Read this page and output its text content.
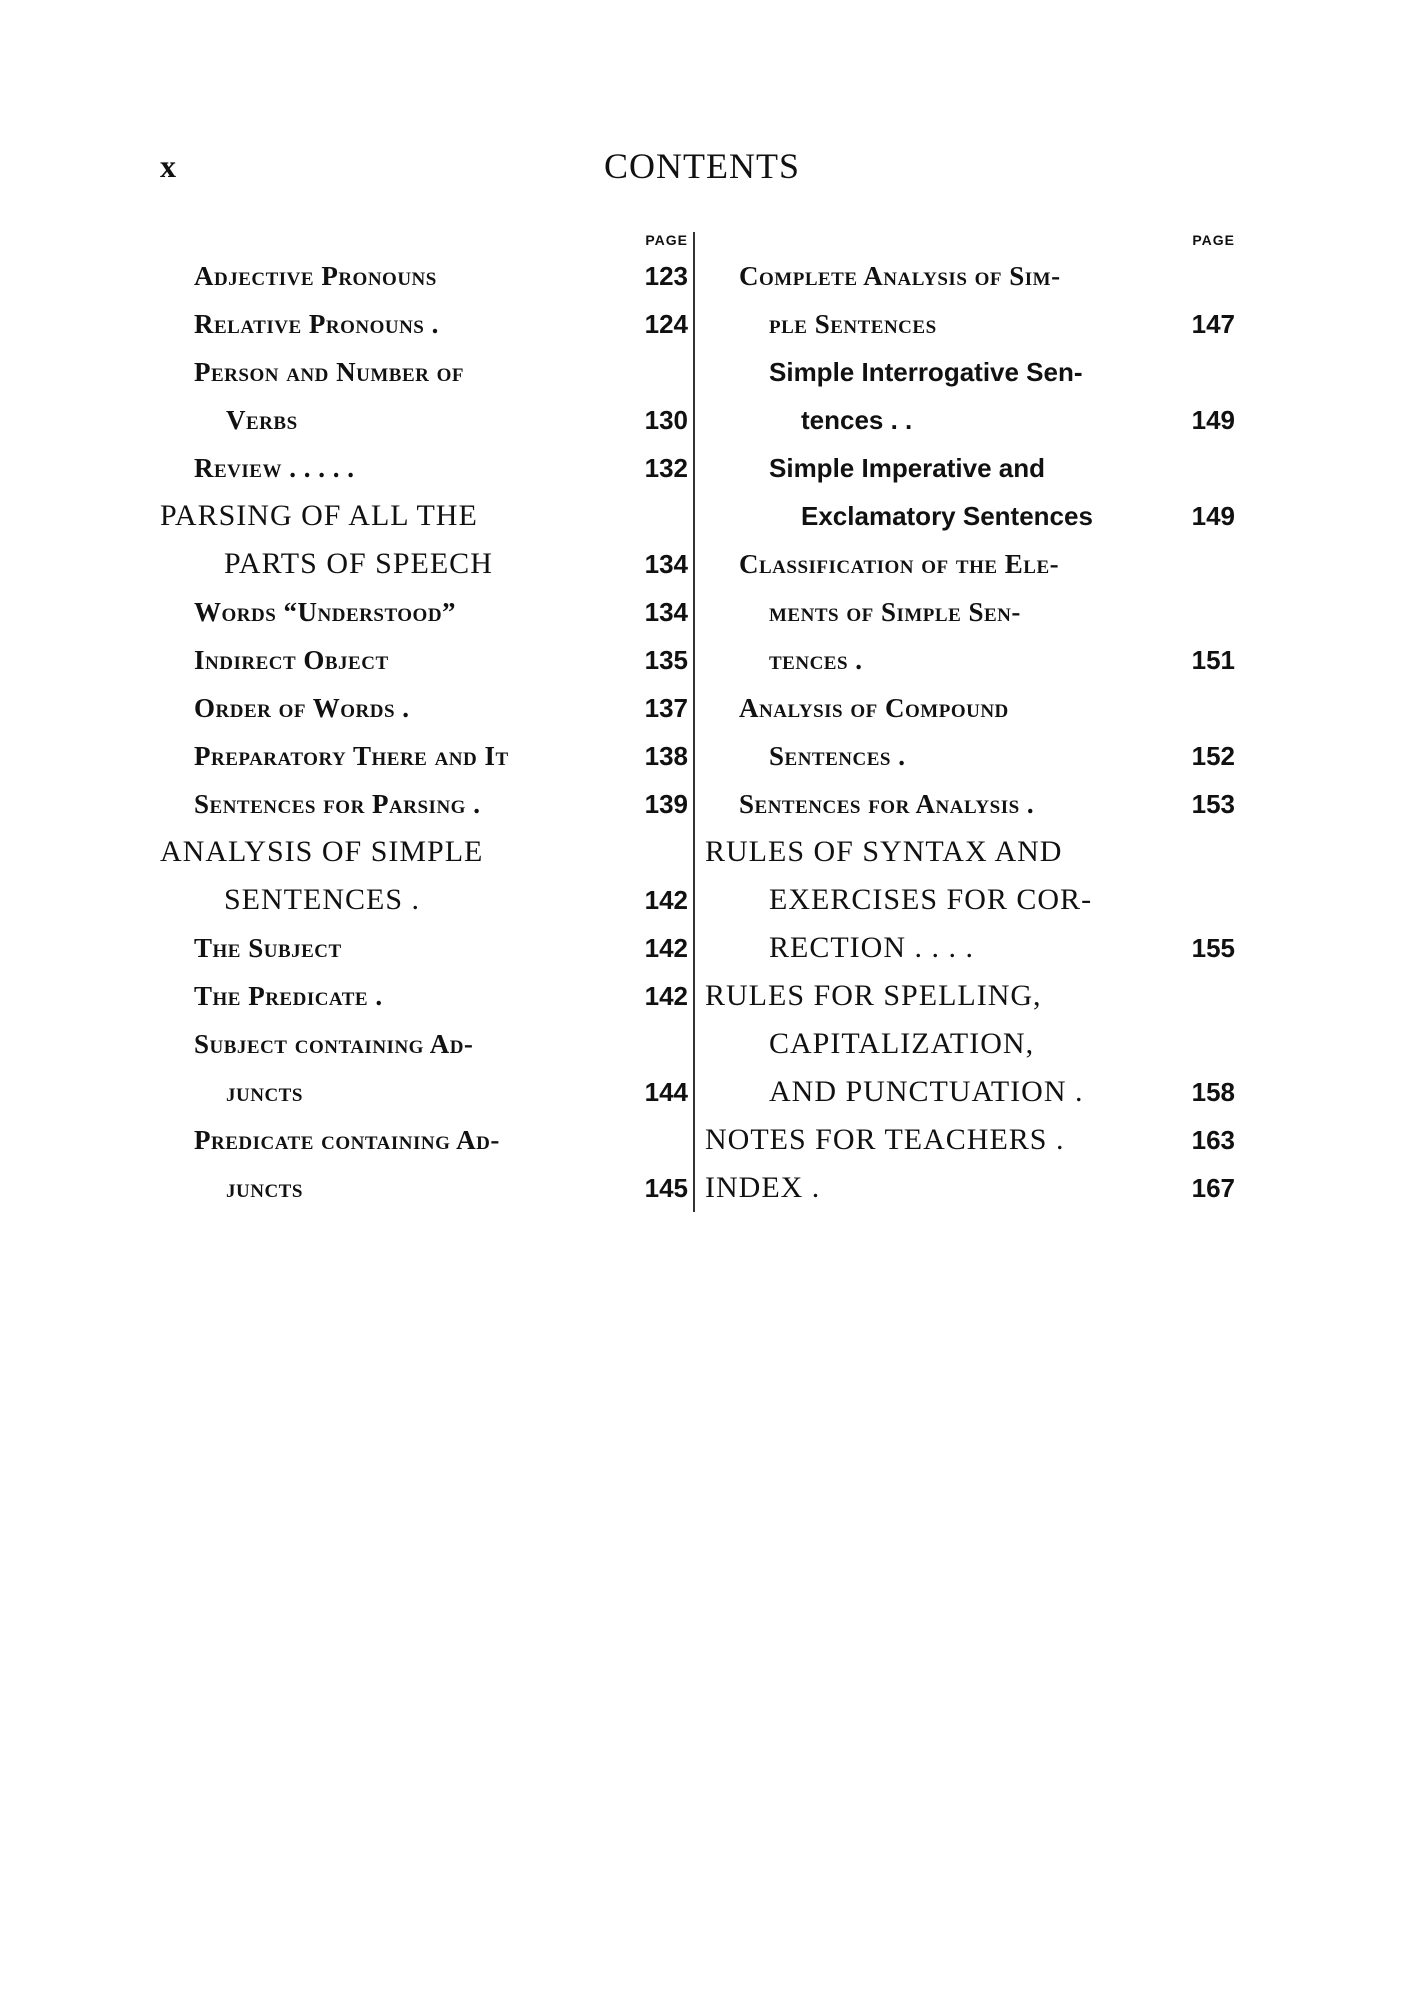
x	CONTENTS
PAGE
Adjective Pronouns	123
Relative Pronouns .	124
Person and Number of
Verbs	130
Review . . . . .	132
PARSING OF ALL THE
PARTS OF SPEECH	134
Words “Understood”	134
Indirect Object	135
Order of Words .	137
Preparatory There and It	138
Sentences for Parsing .	139
ANALYSIS OF SIMPLE
SENTENCES .	142
The Subject	142
The Predicate .	142
Subject containing Ad-
juncts	144
Predicate containing Ad-
juncts	145
PAGE
Complete Analysis of Sim-
ple Sentences	147
Simple Interrogative Sen-
tences . .	149
Simple Imperative and
Exclamatory Sentences	149
Classification of the Ele-
ments of Simple Sen-
tences .	151
Analysis of Compound
Sentences .	152
Sentences for Analysis .	153
RULES OF SYNTAX AND
EXERCISES FOR COR-
RECTION . . . .	155
RULES FOR SPELLING,
CAPITALIZATION,
AND PUNCTUATION .	158
NOTES FOR TEACHERS .	163
INDEX .	167
